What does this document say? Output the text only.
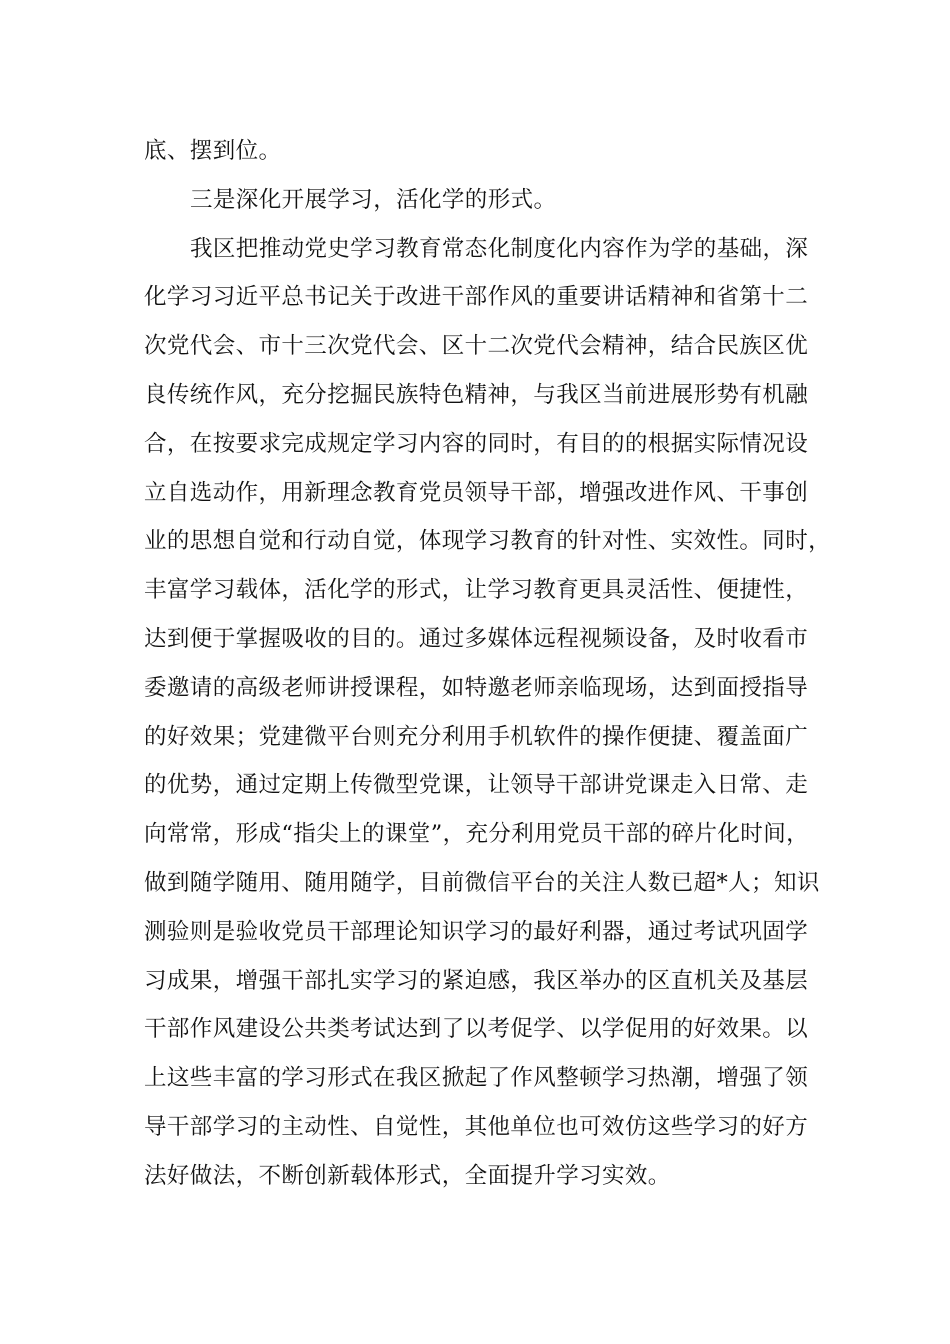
底、摆到位。
三是深化开展学习，活化学的形式。
我区把推动党史学习教育常态化制度化内容作为学的基础，深
化学习习近平总书记关于改进干部作风的重要讲话精神和省第十二
次党代会、市十三次党代会、区十二次党代会精神，结合民族区优
良传统作风，充分挖掘民族特色精神，与我区当前进展形势有机融
合，在按要求完成规定学习内容的同时，有目的的根据实际情况设
立自选动作，用新理念教育党员领导干部，增强改进作风、干事创
业的思想自觉和行动自觉，体现学习教育的针对性、实效性。同时，
丰富学习载体，活化学的形式，让学习教育更具灵活性、便捷性，
达到便于掌握吸收的目的。通过多媒体远程视频设备，及时收看市
委邀请的高级老师讲授课程，如特邀老师亲临现场，达到面授指导
的好效果；党建微平台则充分利用手机软件的操作便捷、覆盖面广
的优势，通过定期上传微型党课，让领导干部讲党课走入日常、走
向常常，形成“指尖上的课堂”，充分利用党员干部的碎片化时间，
做到随学随用、随用随学，目前微信平台的关注人数已超*人；知识
测验则是验收党员干部理论知识学习的最好利器，通过考试巩固学
习成果，增强干部扎实学习的紧迫感，我区举办的区直机关及基层
干部作风建设公共类考试达到了以考促学、以学促用的好效果。以
上这些丰富的学习形式在我区掀起了作风整顿学习热潮，增强了领
导干部学习的主动性、自觉性，其他单位也可效仿这些学习的好方
法好做法，不断创新载体形式，全面提升学习实效。
